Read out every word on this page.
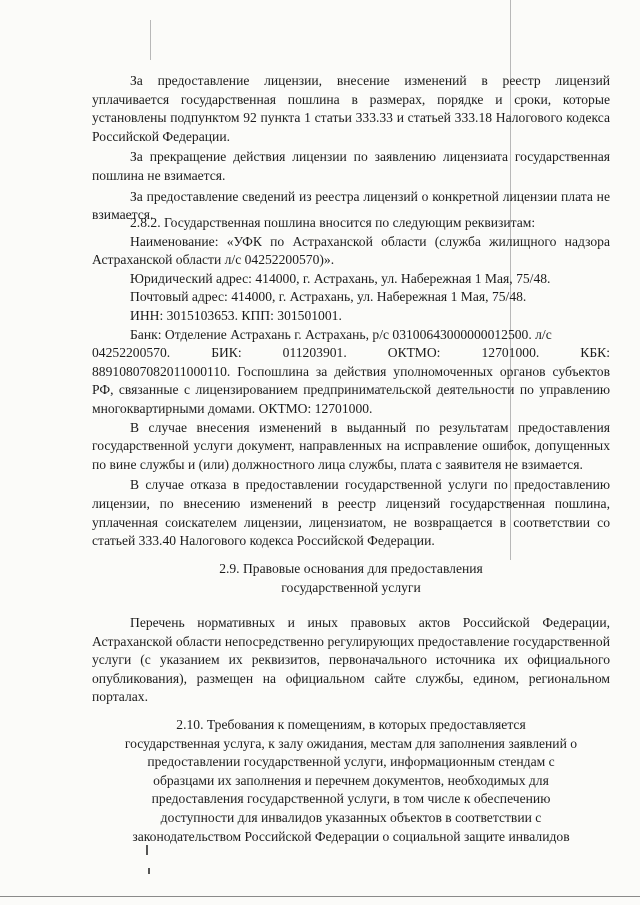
За предоставление лицензии, внесение изменений в реестр лицензий уплачивается государственная пошлина в размерах, порядке и сроки, которые установлены подпунктом 92 пункта 1 статьи 333.33 и статьей 333.18 Налогового кодекса Российской Федерации.

За прекращение действия лицензии по заявлению лицензиата государственная пошлина не взимается.

За предоставление сведений из реестра лицензий о конкретной лицензии плата не взимается.

2.8.2. Государственная пошлина вносится по следующим реквизитам:

Наименование: «УФК по Астраханской области (служба жилищного надзора Астраханской области л/с 04252200570)».

Юридический адрес: 414000, г. Астрахань, ул. Набережная 1 Мая, 75/48.
Почтовый адрес: 414000, г. Астрахань, ул. Набережная 1 Мая, 75/48.
ИНН: 3015103653. КПП: 301501001.
Банк: Отделение Астрахань г. Астрахань, р/с 03100643000000012500. л/с
04252200570.	БИК:	011203901.	ОКТМО:	12701000.	КБК:

88910807082011000110. Госпошлина за действия уполномоченных органов субъектов РФ, связанные с лицензированием предпринимательской деятельности по управлению многоквартирными домами. ОКТМО: 12701000.

В случае внесения изменений в выданный по результатам предоставления государственной услуги документ, направленных на исправление ошибок, допущенных по вине службы и (или) должностного лица службы, плата с заявителя не взимается.

В случае отказа в предоставлении государственной услуги по предоставлению лицензии, по внесению изменений в реестр лицензий государственная пошлина, уплаченная соискателем лицензии, лицензиатом, не возвращается в соответствии со статьей 333.40 Налогового кодекса Российской Федерации.

2.9. Правовые основания для предоставления
государственной услуги

Перечень нормативных и иных правовых актов Российской Федерации, Астраханской области непосредственно регулирующих предоставление государственной услуги (с указанием их реквизитов, первоначального источника их официального опубликования), размещен на официальном сайте службы, едином, региональном порталах.

2.10. Требования к помещениям, в которых предоставляется
государственная услуга, к залу ожидания, местам для заполнения заявлений о
предоставлении государственной услуги, информационным стендам с
образцами их заполнения и перечнем документов, необходимых для
предоставления государственной услуги, в том числе к обеспечению
доступности для инвалидов указанных объектов в соответствии с
законодательством Российской Федерации о социальной защите инвалидов
